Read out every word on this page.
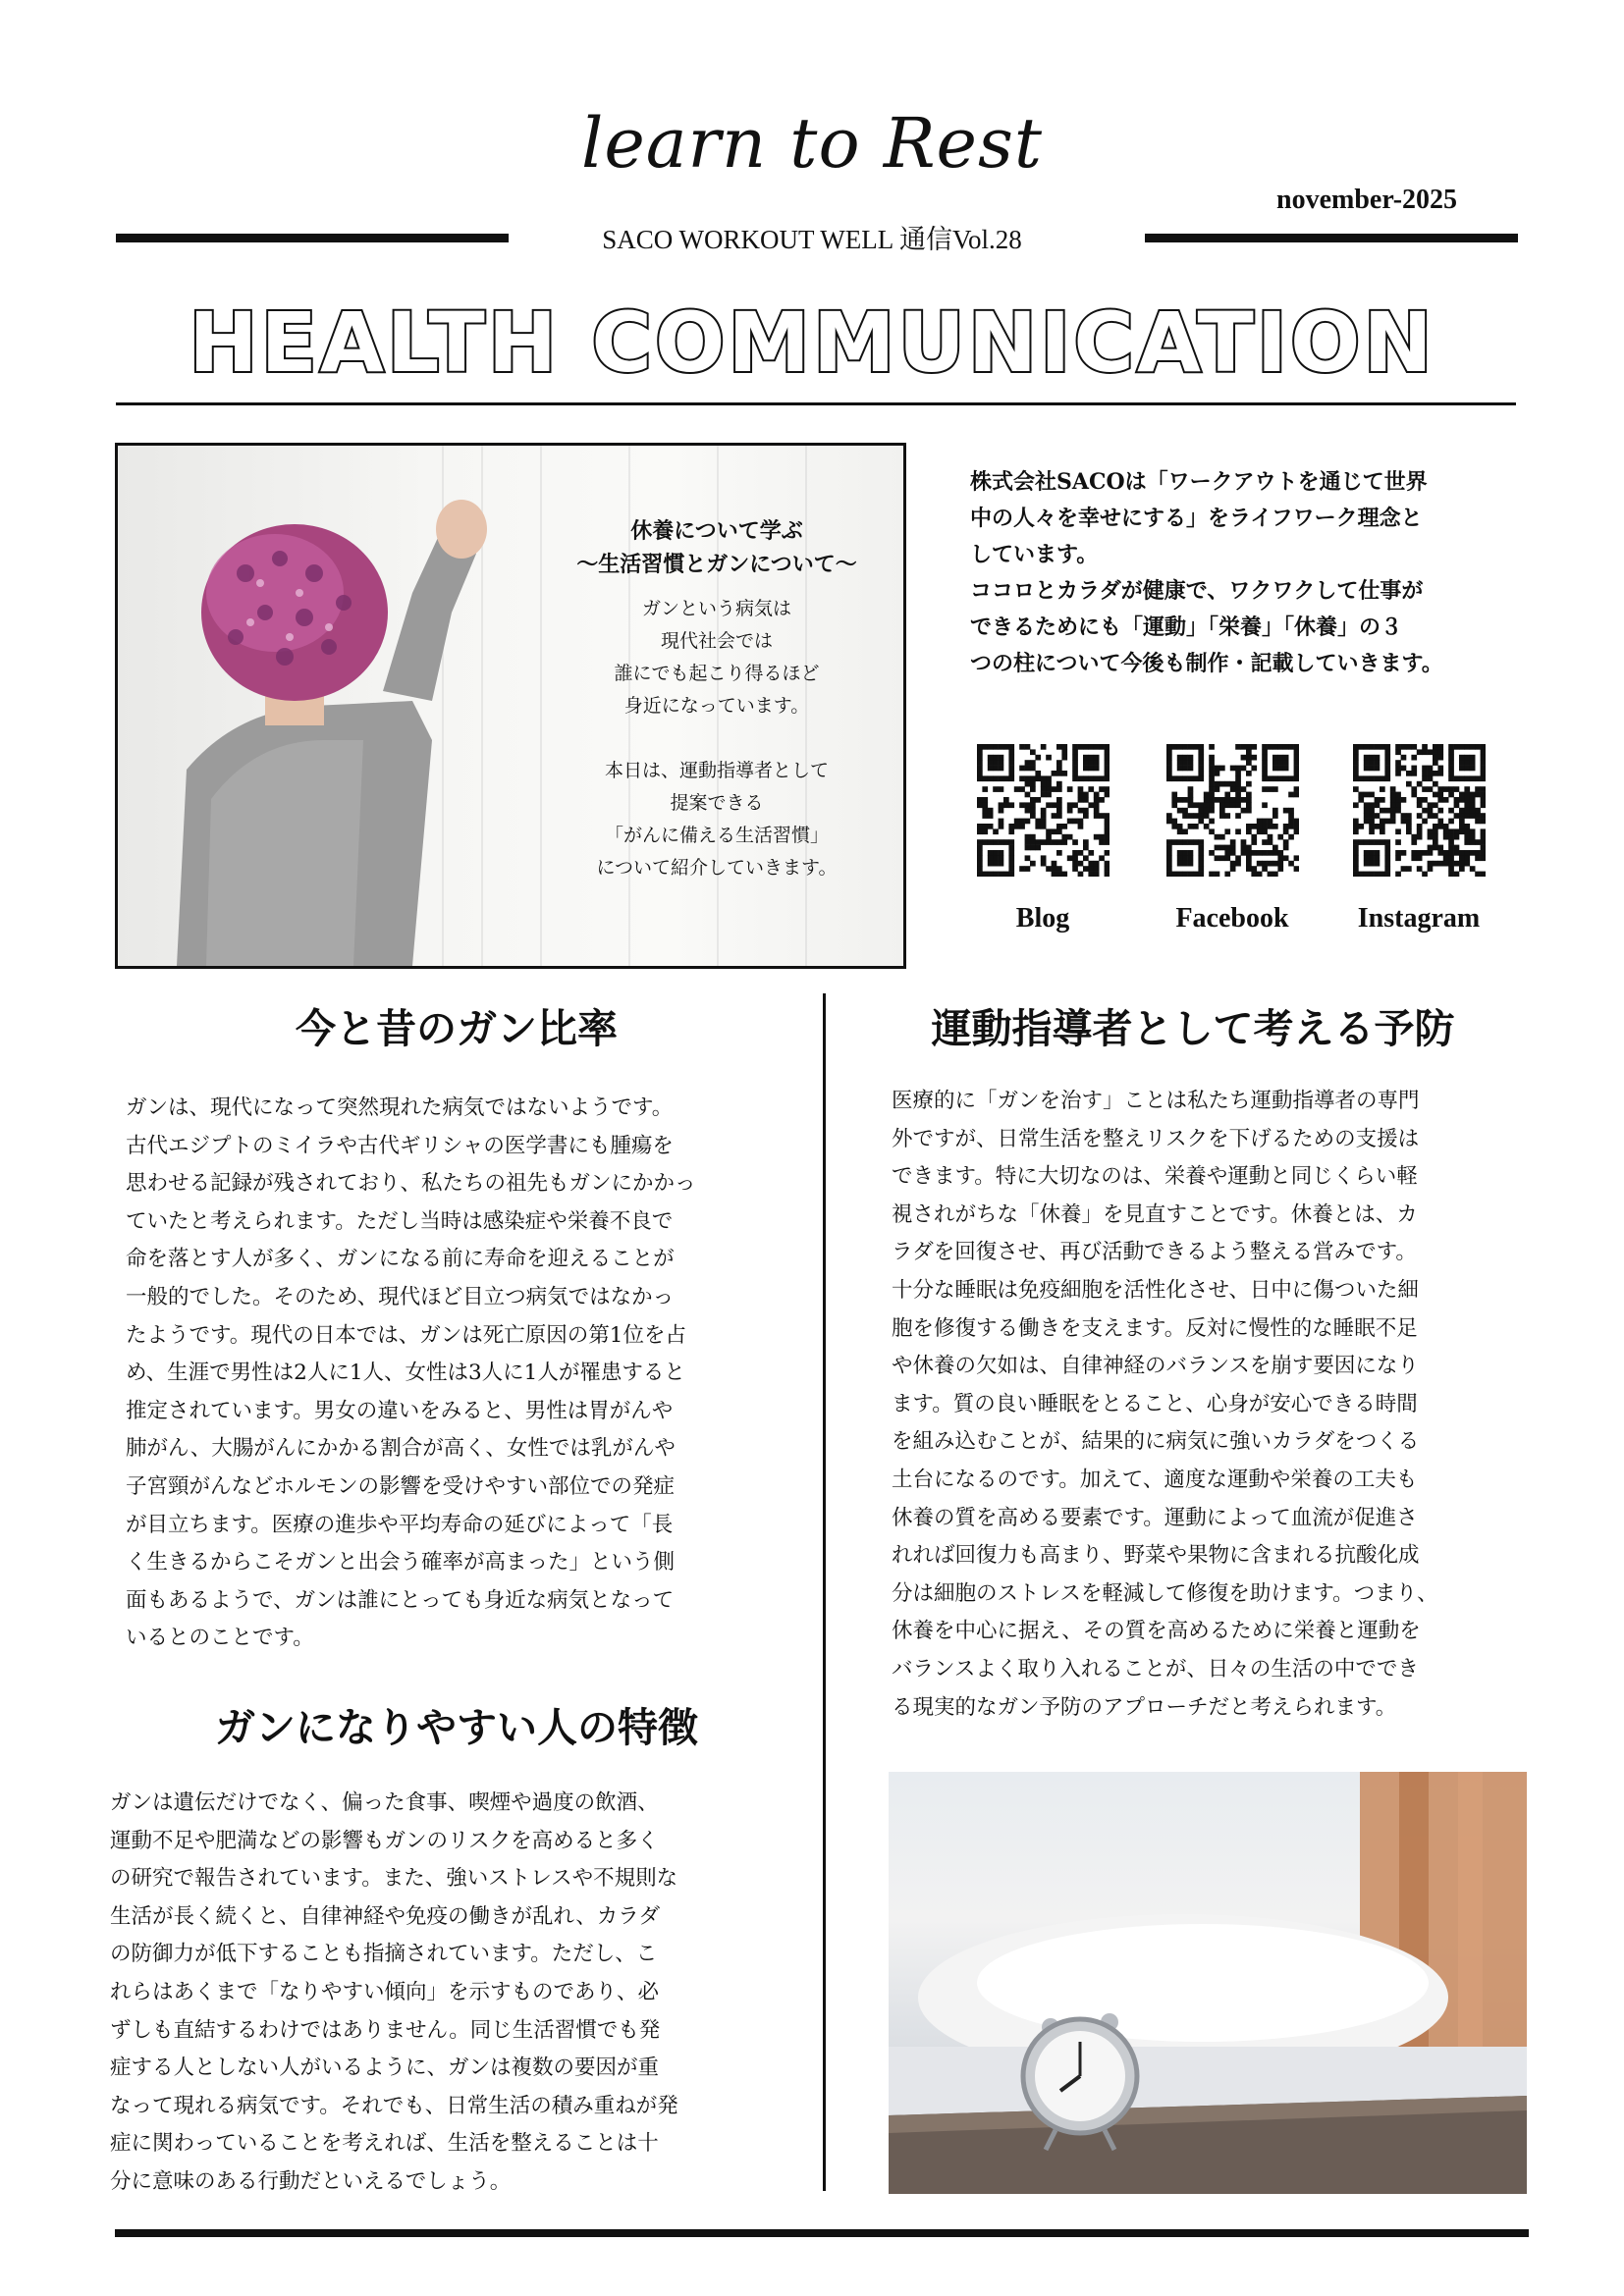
learn to Rest
november-2025
SACO WORKOUT WELL 通信Vol.28
HEALTH COMMUNICATION
休養について学ぶ
〜生活習慣とガンについて〜
ガンという病気は
現代社会では
誰にでも起こり得るほど
身近になっています。
本日は、運動指導者として
提案できる
「がんに備える生活習慣」
について紹介していきます。
株式会社SACOは「ワークアウトを通じて世界
中の人々を幸せにする」をライフワーク理念と
しています。
ココロとカラダが健康で、ワクワクして仕事が
できるためにも「運動」「栄養」「休養」の３
つの柱について今後も制作・記載していきます。
Blog	Facebook	Instagram
今と昔のガン比率
ガンは、現代になって突然現れた病気ではないようです。
古代エジプトのミイラや古代ギリシャの医学書にも腫瘍を
思わせる記録が残されており、私たちの祖先もガンにかかっ
ていたと考えられます。ただし当時は感染症や栄養不良で
命を落とす人が多く、ガンになる前に寿命を迎えることが
一般的でした。そのため、現代ほど目立つ病気ではなかっ
たようです。現代の日本では、ガンは死亡原因の第1位を占
め、生涯で男性は2人に1人、女性は3人に1人が罹患すると
推定されています。男女の違いをみると、男性は胃がんや
肺がん、大腸がんにかかる割合が高く、女性では乳がんや
子宮頸がんなどホルモンの影響を受けやすい部位での発症
が目立ちます。医療の進歩や平均寿命の延びによって「長
く生きるからこそガンと出会う確率が高まった」という側
面もあるようで、ガンは誰にとっても身近な病気となって
いるとのことです。
ガンになりやすい人の特徴
ガンは遺伝だけでなく、偏った食事、喫煙や過度の飲酒、
運動不足や肥満などの影響もガンのリスクを高めると多く
の研究で報告されています。また、強いストレスや不規則な
生活が長く続くと、自律神経や免疫の働きが乱れ、カラダ
の防御力が低下することも指摘されています。ただし、こ
れらはあくまで「なりやすい傾向」を示すものであり、必
ずしも直結するわけではありません。同じ生活習慣でも発
症する人としない人がいるように、ガンは複数の要因が重
なって現れる病気です。それでも、日常生活の積み重ねが発
症に関わっていることを考えれば、生活を整えることは十
分に意味のある行動だといえるでしょう。
運動指導者として考える予防
医療的に「ガンを治す」ことは私たち運動指導者の専門
外ですが、日常生活を整えリスクを下げるための支援は
できます。特に大切なのは、栄養や運動と同じくらい軽
視されがちな「休養」を見直すことです。休養とは、カ
ラダを回復させ、再び活動できるよう整える営みです。
十分な睡眠は免疫細胞を活性化させ、日中に傷ついた細
胞を修復する働きを支えます。反対に慢性的な睡眠不足
や休養の欠如は、自律神経のバランスを崩す要因になり
ます。質の良い睡眠をとること、心身が安心できる時間
を組み込むことが、結果的に病気に強いカラダをつくる
土台になるのです。加えて、適度な運動や栄養の工夫も
休養の質を高める要素です。運動によって血流が促進さ
れれば回復力も高まり、野菜や果物に含まれる抗酸化成
分は細胞のストレスを軽減して修復を助けます。つまり、
休養を中心に据え、その質を高めるために栄養と運動を
バランスよく取り入れることが、日々の生活の中ででき
る現実的なガン予防のアプローチだと考えられます。
